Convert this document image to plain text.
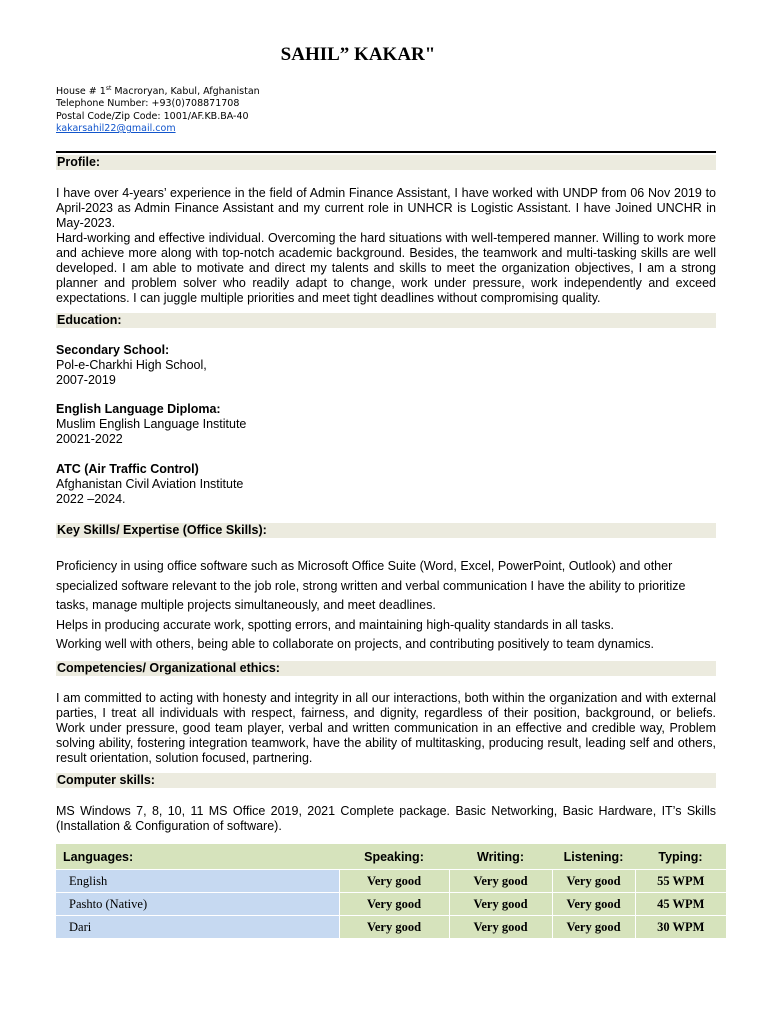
SAHIL” KAKAR"
House # 1st Macroryan, Kabul, Afghanistan
Telephone Number: +93(0)708871708
Postal Code/Zip Code: 1001/AF.KB.BA-40
kakarsahil22@gmail.com
Profile:

I have over 4-years’ experience in the field of Admin Finance Assistant, I have worked with UNDP from 06 Nov 2019 to April-2023 as Admin Finance Assistant and my current role in UNHCR is Logistic Assistant. I have Joined UNCHR in May-2023.

Hard-working and effective individual. Overcoming the hard situations with well-tempered manner. Willing to work more and achieve more along with top-notch academic background. Besides, the teamwork and multi-tasking skills are well developed. I am able to motivate and direct my talents and skills to meet the organization objectives, I am a strong planner and problem solver who readily adapt to change, work under pressure, work independently and exceed expectations. I can juggle multiple priorities and meet tight deadlines without compromising quality.

Education:
Secondary School:
Pol-e-Charkhi High School,
2007-2019
English Language Diploma:
Muslim English Language Institute
20021-2022
ATC (Air Traffic Control)
Afghanistan Civil Aviation Institute
2022 –2024.
Key Skills/ Expertise (Office Skills):

Proficiency in using office software such as Microsoft Office Suite (Word, Excel, PowerPoint, Outlook) and other specialized software relevant to the job role, strong written and verbal communication I have the ability to prioritize tasks, manage multiple projects simultaneously, and meet deadlines.

Helps in producing accurate work, spotting errors, and maintaining high-quality standards in all tasks.

Working well with others, being able to collaborate on projects, and contributing positively to team dynamics.

Competencies/ Organizational ethics:

I am committed to acting with honesty and integrity in all our interactions, both within the organization and with external parties, I treat all individuals with respect, fairness, and dignity, regardless of their position, background, or beliefs. Work under pressure, good team player, verbal and written communication in an effective and credible way, Problem solving ability, fostering integration teamwork, have the ability of multitasking, producing result, leading self and others, result orientation, solution focused, partnering.

Computer skills:

MS Windows 7, 8, 10, 11 MS Office 2019, 2021 Complete package. Basic Networking, Basic Hardware, IT’s Skills (Installation & Configuration of software).

Languages:	Speaking:	Writing:	Listening:	Typing:
English	Very good	Very good	Very good	55 WPM
Pashto (Native)	Very good	Very good	Very good	45 WPM
Dari	Very good	Very good	Very good	30 WPM
